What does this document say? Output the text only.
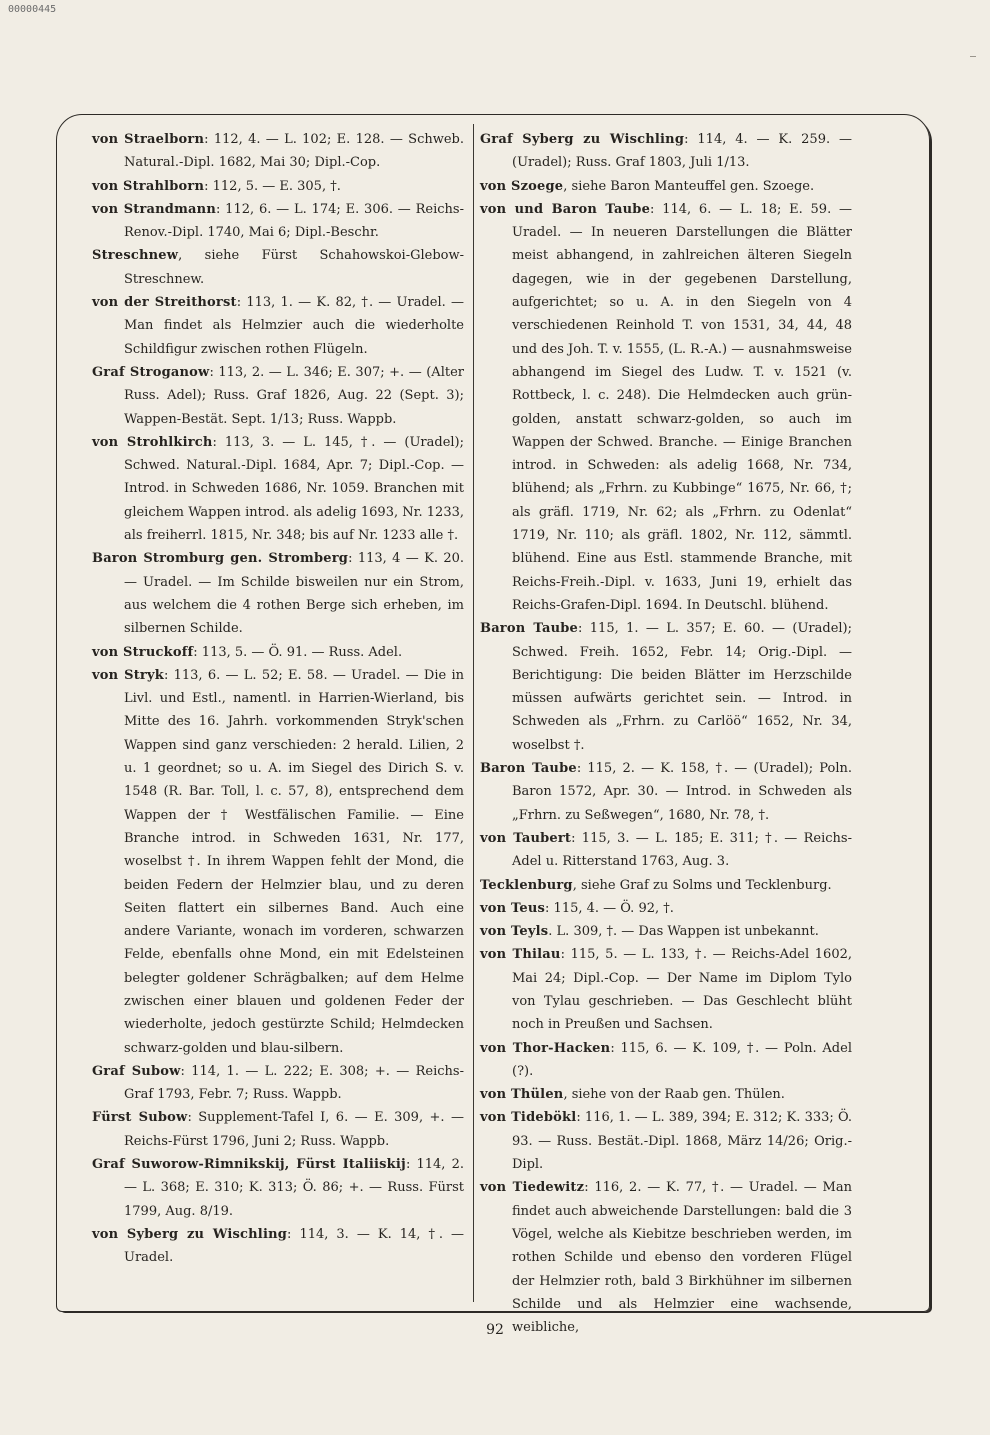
00000445

von Straelborn: 112, 4. — L. 102; E. 128. — Schweb. Natural.-Dipl. 1682, Mai 30; Dipl.-Cop.

von Strahlborn: 112, 5. — E. 305, †.

von Strandmann: 112, 6. — L. 174; E. 306. — Reichs-Renov.-Dipl. 1740, Mai 6; Dipl.-Beschr.

Streschnew, siehe Fürst Schahowskoi-Glebow-Streschnew.

von der Streithorst: 113, 1. — K. 82, †. — Uradel. — Man findet als Helmzier auch die wiederholte Schildfigur zwischen rothen Flügeln.

Graf Stroganow: 113, 2. — L. 346; E. 307; +. — (Alter Russ. Adel); Russ. Graf 1826, Aug. 22 (Sept. 3); Wappen-Bestät. Sept. 1/13; Russ. Wappb.

von Strohlkirch: 113, 3. — L. 145, †. — (Uradel); Schwed. Natural.-Dipl. 1684, Apr. 7; Dipl.-Cop. — Introd. in Schweden 1686, Nr. 1059. Branchen mit gleichem Wappen introd. als adelig 1693, Nr. 1233, als freiherrl. 1815, Nr. 348; bis auf Nr. 1233 alle †.

Baron Stromburg gen. Stromberg: 113, 4 — K. 20. — Uradel. — Im Schilde bisweilen nur ein Strom, aus welchem die 4 rothen Berge sich erheben, im silbernen Schilde.

von Struckoff: 113, 5. — Ö. 91. — Russ. Adel.

von Stryk: 113, 6. — L. 52; E. 58. — Uradel. — Die in Livl. und Estl., namentl. in Harrien-Wierland, bis Mitte des 16. Jahrh. vorkommenden Stryk'schen Wappen sind ganz verschieden: 2 herald. Lilien, 2 u. 1 geordnet; so u. A. im Siegel des Dirich S. v. 1548 (R. Bar. Toll, l. c. 57, 8), entsprechend dem Wappen der † Westfälischen Familie. — Eine Branche introd. in Schweden 1631, Nr. 177, woselbst †. In ihrem Wappen fehlt der Mond, die beiden Federn der Helmzier blau, und zu deren Seiten flattert ein silbernes Band. Auch eine andere Variante, wonach im vorderen, schwarzen Felde, ebenfalls ohne Mond, ein mit Edelsteinen belegter goldener Schrägbalken; auf dem Helme zwischen einer blauen und goldenen Feder der wiederholte, jedoch gestürzte Schild; Helmdecken schwarz-golden und blau-silbern.

Graf Subow: 114, 1. — L. 222; E. 308; +. — Reichs-Graf 1793, Febr. 7; Russ. Wappb.

Fürst Subow: Supplement-Tafel I, 6. — E. 309, +. — Reichs-Fürst 1796, Juni 2; Russ. Wappb.

Graf Suworow-Rimnikskij, Fürst Italiiskij: 114, 2. — L. 368; E. 310; K. 313; Ö. 86; +. — Russ. Fürst 1799, Aug. 8/19.

von Syberg zu Wischling: 114, 3. — K. 14, †. — Uradel.

Graf Syberg zu Wischling: 114, 4. — K. 259. — (Uradel); Russ. Graf 1803, Juli 1/13.

von Szoege, siehe Baron Manteuffel gen. Szoege.

von und Baron Taube: 114, 6. — L. 18; E. 59. — Uradel. — In neueren Darstellungen die Blätter meist abhangend, in zahlreichen älteren Siegeln dagegen, wie in der gegebenen Darstellung, aufgerichtet; so u. A. in den Siegeln von 4 verschiedenen Reinhold T. von 1531, 34, 44, 48 und des Joh. T. v. 1555, (L. R.-A.) — ausnahmsweise abhangend im Siegel des Ludw. T. v. 1521 (v. Rottbeck, l. c. 248). Die Helmdecken auch grün-golden, anstatt schwarz-golden, so auch im Wappen der Schwed. Branche. — Einige Branchen introd. in Schweden: als adelig 1668, Nr. 734, blühend; als „Frhrn. zu Kubbinge“ 1675, Nr. 66, †; als gräfl. 1719, Nr. 62; als „Frhrn. zu Odenlat“ 1719, Nr. 110; als gräfl. 1802, Nr. 112, sämmtl. blühend. Eine aus Estl. stammende Branche, mit Reichs-Freih.-Dipl. v. 1633, Juni 19, erhielt das Reichs-Grafen-Dipl. 1694. In Deutschl. blühend.

Baron Taube: 115, 1. — L. 357; E. 60. — (Uradel); Schwed. Freih. 1652, Febr. 14; Orig.-Dipl. — Berichtigung: Die beiden Blätter im Herzschilde müssen aufwärts gerichtet sein. — Introd. in Schweden als „Frhrn. zu Carlöö“ 1652, Nr. 34, woselbst †.

Baron Taube: 115, 2. — K. 158, †. — (Uradel); Poln. Baron 1572, Apr. 30. — Introd. in Schweden als „Frhrn. zu Seßwegen“, 1680, Nr. 78, †.

von Taubert: 115, 3. — L. 185; E. 311; †. — Reichs-Adel u. Ritterstand 1763, Aug. 3.

Tecklenburg, siehe Graf zu Solms und Tecklenburg.

von Teus: 115, 4. — Ö. 92, †.

von Teyls. L. 309, †. — Das Wappen ist unbekannt.

von Thilau: 115, 5. — L. 133, †. — Reichs-Adel 1602, Mai 24; Dipl.-Cop. — Der Name im Diplom Tylo von Tylau geschrieben. — Das Geschlecht blüht noch in Preußen und Sachsen.

von Thor-Hacken: 115, 6. — K. 109, †. — Poln. Adel (?).

von Thülen, siehe von der Raab gen. Thülen.

von Tidebökl: 116, 1. — L. 389, 394; E. 312; K. 333; Ö. 93. — Russ. Bestät.-Dipl. 1868, März 14/26; Orig.-Dipl.

von Tiedewitz: 116, 2. — K. 77, †. — Uradel. — Man findet auch abweichende Darstellungen: bald die 3 Vögel, welche als Kiebitze beschrieben werden, im rothen Schilde und ebenso den vorderen Flügel der Helmzier roth, bald 3 Birkhühner im silbernen Schilde und als Helmzier eine wachsende, weibliche,

92
